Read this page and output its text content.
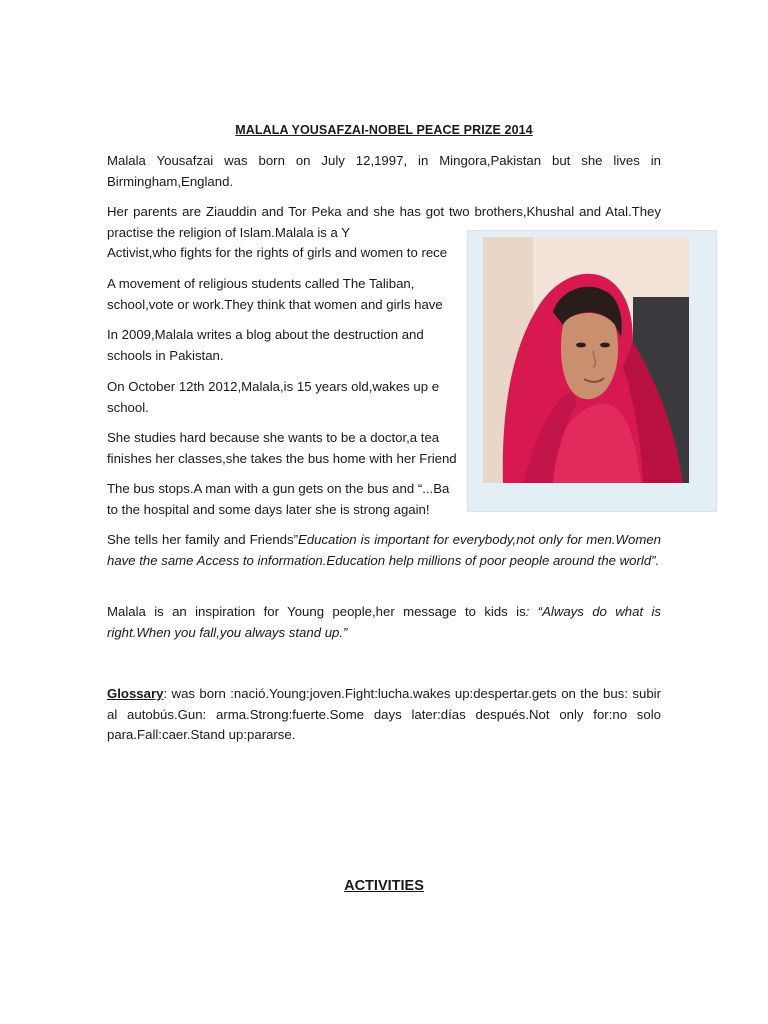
MALALA YOUSAFZAI-NOBEL PEACE PRIZE 2014

Malala Yousafzai was born on July 12,1997, in Mingora,Pakistan but she lives in Birmingham,England.

Her parents are Ziauddin and Tor Peka and she has got two brothers,Khushal and Atal.They practise the religion of Islam.Malala is a Y
Activist,who fights for the rights of girls and women to rece

A movement of religious students called The Taliban,
school,vote or work.They think that women and girls have

In 2009,Malala writes a blog about the destruction and
schools in Pakistan.

On October 12th 2012,Malala,is 15 years old,wakes up e
school.

She studies hard because she wants to be a doctor,a tea
finishes her classes,she takes the bus home with her Friend

The bus stops.A man with a gun gets on the bus and “...Ba
to the hospital and some days later she is strong again!

She tells her family and Friends”Education is important for everybody,not only for men.Women have the same Access to information.Education help millions of poor people around the world”.

Malala is an inspiration for Young people,her message to kids is: “Always do what is right.When you fall,you always stand up.”

Glossary: was born :nació.Young:joven.Fight:lucha.wakes up:despertar.gets on the bus: subir al autobús.Gun: arma.Strong:fuerte.Some days later:días después.Not only for:no solo para.Fall:caer.Stand up:pararse.

ACTIVITIES
